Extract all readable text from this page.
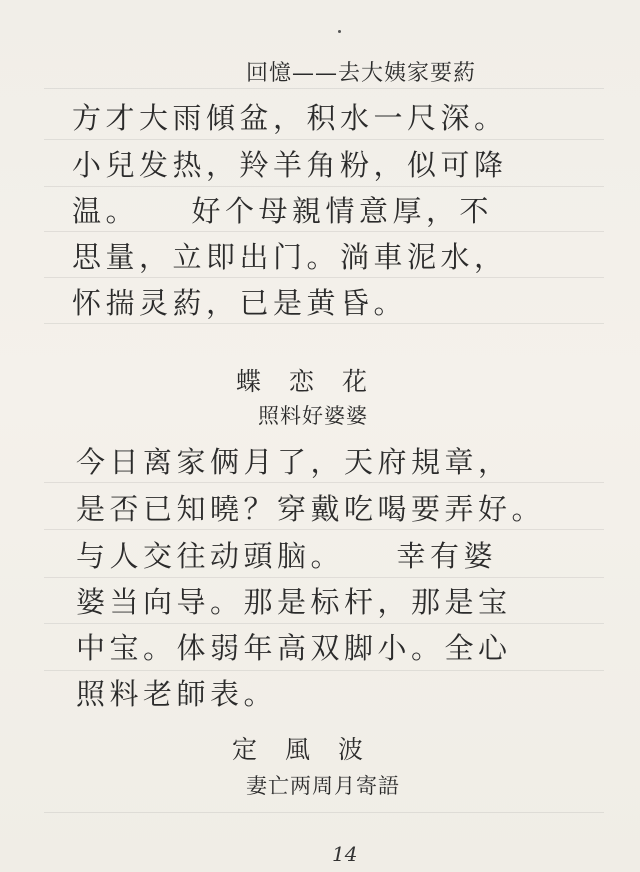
回憶——去大姨家要葯
方才大雨傾盆，积水一尺深。
小兒发热，羚羊角粉，似可降
温。　　好个母親情意厚，不
思量，立即出门。淌車泥水，
怀揣灵葯，已是黄昏。
蝶恋花
照料好婆婆
今日离家俩月了，天府規章，
是否已知曉？穿戴吃喝要弄好。
与人交往动頭脑。　　幸有婆
婆当向导。那是标杆，那是宝
中宝。体弱年高双脚小。全心
照料老師表。
定風波
妻亡两周月寄語
14
